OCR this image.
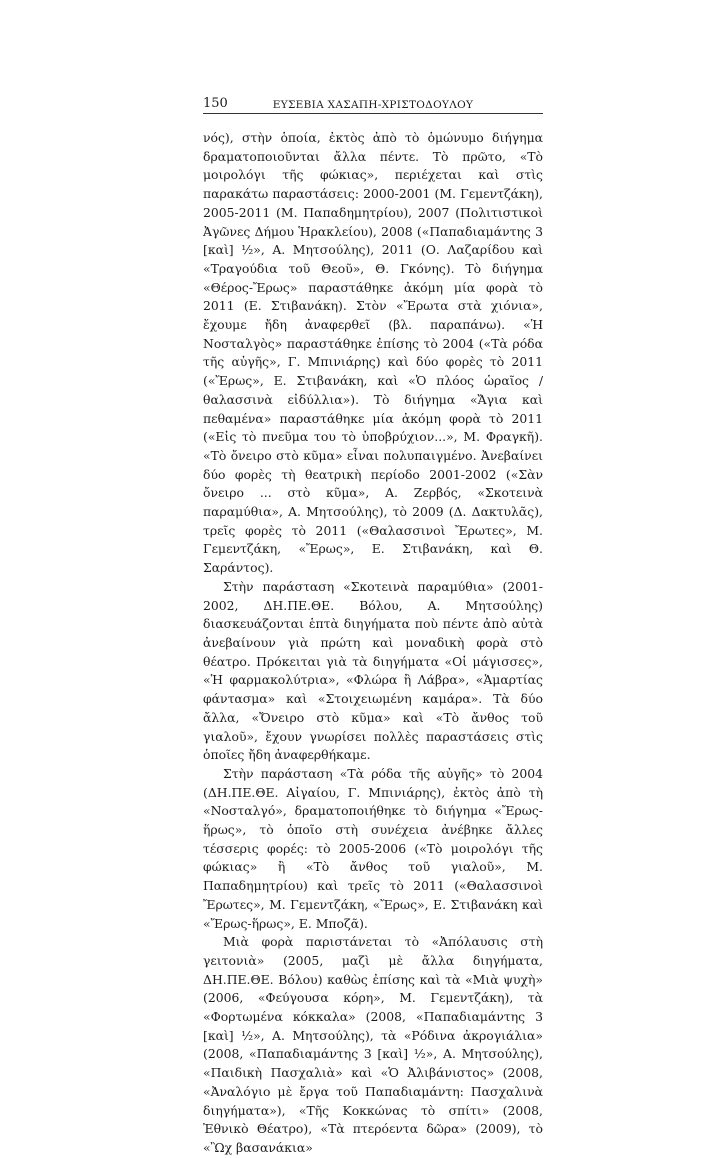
150	ΕΥΣΕΒΙΑ ΧΑΣΑΠΗ-ΧΡΙΣΤΟΔΟΥΛΟΥ

νός), στὴν ὁποία, ἐκτὸς ἀπὸ τὸ ὁμώνυμο διήγημα δραματοποιοῦνται ἄλλα πέντε. Τὸ πρῶτο, «Τὸ μοιρολόγι τῆς φώκιας», περιέχεται καὶ στὶς παρακάτω παραστάσεις: 2000-2001 (Μ. Γεμεντζάκη), 2005-2011 (Μ. Παπαδημητρίου), 2007 (Πολιτιστικοὶ Ἀγῶνες Δήμου Ἡρακλείου), 2008 («Παπαδιαμάντης 3 [καὶ] ½», Α. Μητσούλης), 2011 (Ο. Λαζαρίδου καὶ «Τραγούδια τοῦ Θεοῦ», Θ. Γκόνης). Τὸ διήγημα «Θέρος-Ἔρως» παραστάθηκε ἀκόμη μία φορὰ τὸ 2011 (Ε. Στιβανάκη). Στὸν «Ἔρωτα στὰ χιόνια», ἔχουμε ἤδη ἀναφερθεῖ (βλ. παραπάνω). «Ἡ Νοσταλγὸς» παραστάθηκε ἐπίσης τὸ 2004 («Τὰ ρόδα τῆς αὐγῆς», Γ. Μπινιάρης) καὶ δύο φορὲς τὸ 2011 («Ἔρως», Ε. Στιβανάκη, καὶ «Ὁ πλόος ὡραῖος / θαλασσινὰ εἰδύλλια»). Τὸ διήγημα «Ἄγια καὶ πεθαμένα» παραστάθηκε μία ἀκόμη φορὰ τὸ 2011 («Εἰς τὸ πνεῦμα του τὸ ὑποβρύχιον...», Μ. Φραγκῆ). «Τὸ ὄνειρο στὸ κῦμα» εἶναι πολυπαιγμένο. Ἀνεβαίνει δύο φορὲς τὴ θεατρικὴ περίοδο 2001-2002 («Σὰν ὄνειρο ... στὸ κῦμα», Α. Ζερβός, «Σκοτεινὰ παραμύθια», Α. Μητσούλης), τὸ 2009 (Δ. Δακτυλᾶς), τρεῖς φορὲς τὸ 2011 («Θαλασσινοὶ Ἔρωτες», Μ. Γεμεντζάκη, «Ἔρως», Ε. Στιβανάκη, καὶ Θ. Σαράντος).

Στὴν παράσταση «Σκοτεινὰ παραμύθια» (2001-2002, ΔΗ.ΠΕ.ΘΕ. Βόλου, Α. Μητσούλης) διασκευάζονται ἑπτὰ διηγήματα ποὺ πέντε ἀπὸ αὐτὰ ἀνεβαίνουν γιὰ πρώτη καὶ μοναδικὴ φορὰ στὸ θέατρο. Πρόκειται γιὰ τὰ διηγήματα «Οἱ μάγισσες», «Ἡ φαρμακολύτρια», «Φλώρα ἢ Λάβρα», «Ἁμαρτίας φάντασμα» καὶ «Στοιχειωμένη καμάρα». Τὰ δύο ἄλλα, «Ὄνειρο στὸ κῦμα» καὶ «Τὸ ἄνθος τοῦ γιαλοῦ», ἔχουν γνωρίσει πολλὲς παραστάσεις στὶς ὁποῖες ἤδη ἀναφερθήκαμε.

Στὴν παράσταση «Τὰ ρόδα τῆς αὐγῆς» τὸ 2004 (ΔΗ.ΠΕ.ΘΕ. Αἰγαίου, Γ. Μπινιάρης), ἐκτὸς ἀπὸ τὴ «Νοσταλγό», δραματοποιήθηκε τὸ διήγημα «Ἔρως-ἥρως», τὸ ὁποῖο στὴ συνέχεια ἀνέβηκε ἄλλες τέσσερις φορές: τὸ 2005-2006 («Τὸ μοιρολόγι τῆς φώκιας» ἢ «Τὸ ἄνθος τοῦ γιαλοῦ», Μ. Παπαδημητρίου) καὶ τρεῖς τὸ 2011 («Θαλασσινοὶ Ἔρωτες», Μ. Γεμεντζάκη, «Ἔρως», Ε. Στιβανάκη καὶ «Ἔρως-ἥρως», Ε. Μποζᾶ).

Μιὰ φορὰ παριστάνεται τὸ «Ἀπόλαυσις στὴ γειτονιὰ» (2005, μαζὶ μὲ ἄλλα διηγήματα, ΔΗ.ΠΕ.ΘΕ. Βόλου) καθὼς ἐπίσης καὶ τὰ «Μιὰ ψυχὴ» (2006, «Φεύγουσα κόρη», Μ. Γεμεντζάκη), τὰ «Φορτωμένα κόκκαλα» (2008, «Παπαδιαμάντης 3 [καὶ] ½», Α. Μητσούλης), τὰ «Ρόδινα ἀκρογιάλια» (2008, «Παπαδιαμάντης 3 [καὶ] ½», Α. Μητσούλης), «Παιδικὴ Πασχαλιὰ» καὶ «Ὁ Ἀλιβάνιστος» (2008, «Ἀναλόγιο μὲ ἔργα τοῦ Παπαδιαμάντη: Πασχαλινὰ διηγήματα»), «Τῆς Κοκκώνας τὸ σπίτι» (2008, Ἐθνικὸ Θέατρο), «Τὰ πτερόεντα δῶρα» (2009), τὸ «Ὢχ βασανάκια»
